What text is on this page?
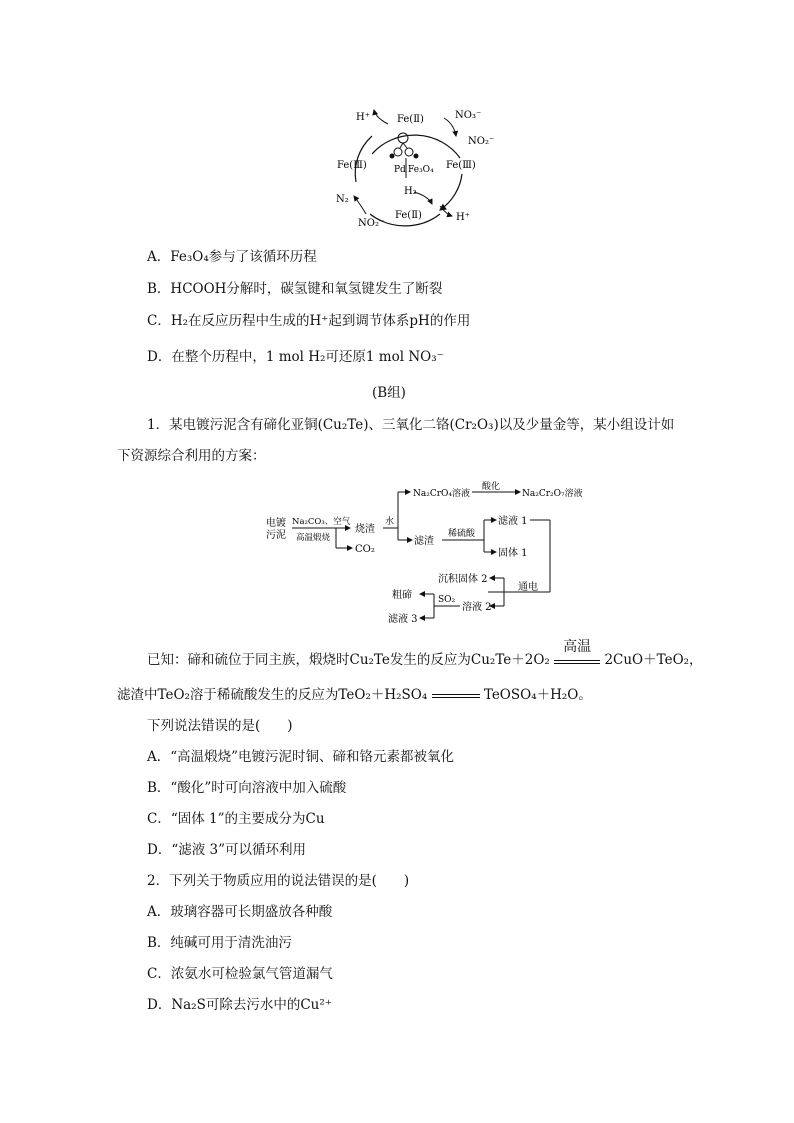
H⁺	Fe(Ⅱ)	NO₃⁻
NO₂⁻
Fe(Ⅲ)	Fe(Ⅲ)
Pd Fe₃O₄
H₂
N₂
Fe(Ⅱ)
NO₂⁻
H⁺
A．Fe₃O₄参与了该循环历程
B．HCOOH分解时，碳氢键和氧氢键发生了断裂
C．H₂在反应历程中生成的H⁺起到调节体系pH的作用
D．在整个历程中，1 mol H₂可还原1 mol NO₃⁻
(B组)
1．某电镀污泥含有碲化亚铜(Cu₂Te)、三氧化二铬(Cr₂O₃)以及少量金等，某小组设计如
下资源综合利用的方案：
电镀
污泥
Na₂CO₃、空气
高温煅烧
烧渣
CO₂
水
Na₂CrO₄溶液
酸化
Na₂Cr₂O₇溶液
滤渣
稀硫酸
滤液 1
固体 1
通电
沉积固体 2
溶液 2
SO₂
粗碲
滤液 3
已知：碲和硫位于同主族，煅烧时Cu₂Te发生的反应为Cu₂Te＋2O₂
高温
2CuO＋TeO₂，
滤渣中TeO₂溶于稀硫酸发生的反应为TeO₂＋H₂SO₄	TeOSO₄＋H₂O。
下列说法错误的是(　　)
A．“高温煅烧”电镀污泥时铜、碲和铬元素都被氧化
B．“酸化”时可向溶液中加入硫酸
C．“固体 1”的主要成分为Cu
D．“滤液 3”可以循环利用
2．下列关于物质应用的说法错误的是(　　)
A．玻璃容器可长期盛放各种酸
B．纯碱可用于清洗油污
C．浓氨水可检验氯气管道漏气
D．Na₂S可除去污水中的Cu²⁺
